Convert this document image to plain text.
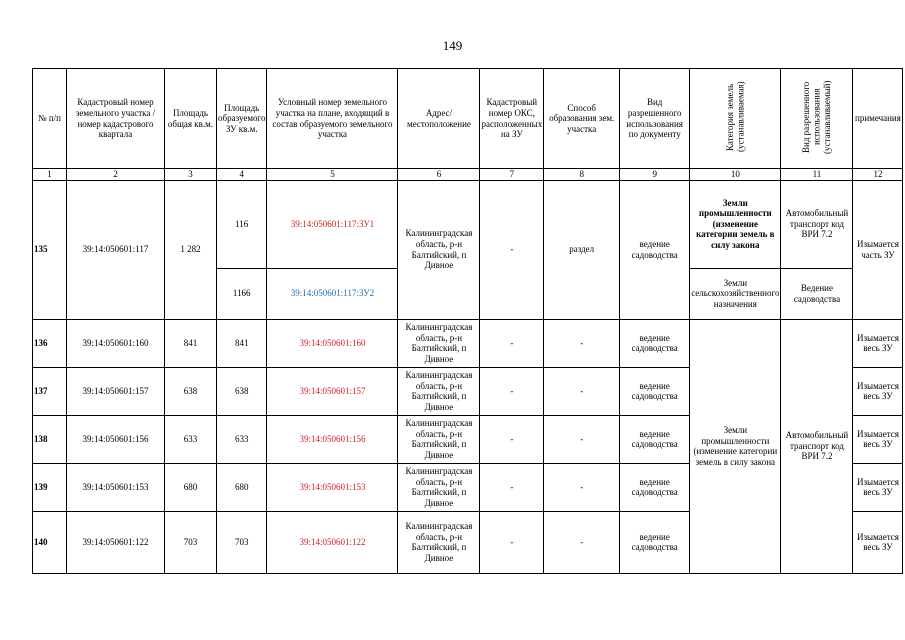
149
№ п/п	Кадастровый номер земельного участка /номер кадастрового квартала	Площадь общая кв.м.	Площадь образуемого ЗУ кв.м.	Условный номер земельного участка на плане, входящий в состав образуемого земельного участка	Адрес/ местоположение	Кадастровый номер ОКС, расположенных на ЗУ	Способ образования зем. участка	Вид разрешенного использования по документу	Категория земель (устанавливаемая)	Вид разрешенного использования (устанавливаемый)	примечания
1	2	3	4	5	6	7	8	9	10	11	12
135	39:14:050601:117	1 282	116	39:14:050601:117:ЗУ1	Калининградская область, р-н Балтийский, п Дивное	-	раздел	ведение садоводства	Земли промышленности (изменение категории земель в силу закона	Автомобильный транспорт код ВРИ 7.2	Изымается часть ЗУ
			1166	39:14:050601:117:ЗУ2					Земли сельскохозяйственного назначения	Ведение садоводства	
136	39:14:050601:160	841	841	39:14:050601:160	Калининградская область, р-н Балтийский, п Дивное	-	-	ведение садоводства	Земли промышленности (изменение категории земель в силу закона	Автомобильный транспорт код ВРИ 7.2	Изымается весь ЗУ
137	39:14:050601:157	638	638	39:14:050601:157	Калининградская область, р-н Балтийский, п Дивное	-	-	ведение садоводства			Изымается весь ЗУ
138	39:14:050601:156	633	633	39:14:050601:156	Калининградская область, р-н Балтийский, п Дивное	-	-	ведение садоводства			Изымается весь ЗУ
139	39:14:050601:153	680	680	39:14:050601:153	Калининградская область, р-н Балтийский, п Дивное	-	-	ведение садоводства			Изымается весь ЗУ
140	39:14:050601:122	703	703	39:14:050601:122	Калининградская область, р-н Балтийский, п Дивное	-	-	ведение садоводства			Изымается весь ЗУ
